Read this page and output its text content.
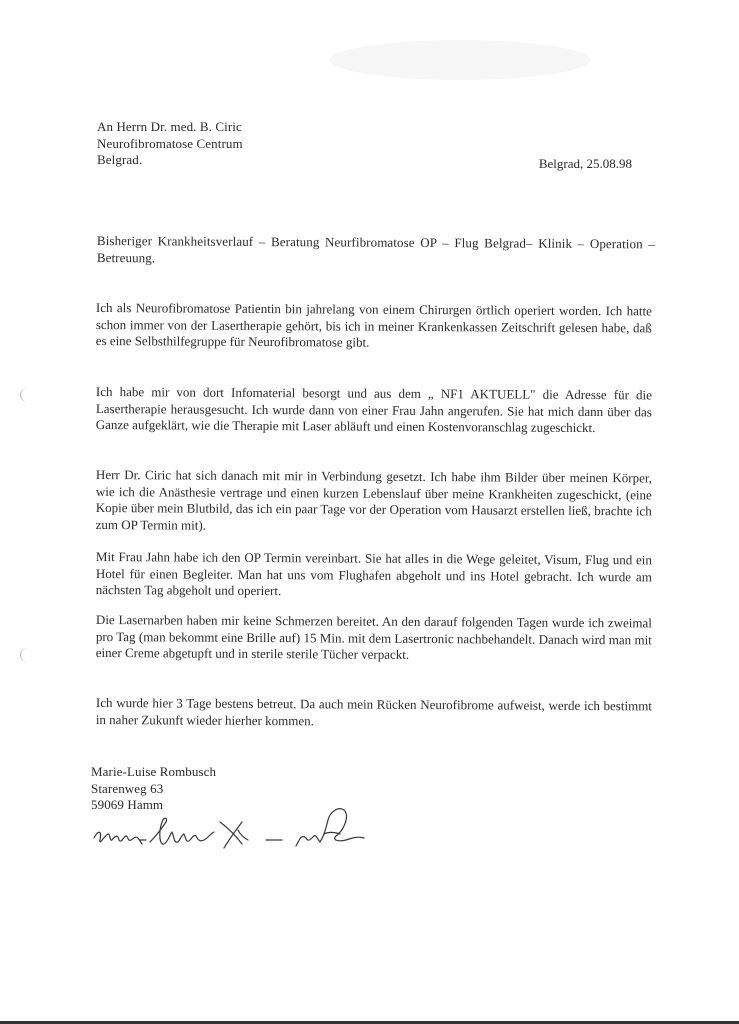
An Herrn Dr. med. B. Ciric
Neurofibromatose Centrum
Belgrad.	Belgrad, 25.08.98
Bisheriger Krankheitsverlauf – Beratung Neurfibromatose OP – Flug Belgrad– Klinik – Operation – Betreuung.
Ich als Neurofibromatose Patientin bin jahrelang von einem Chirurgen örtlich operiert worden. Ich hatte schon immer von der Lasertherapie gehört, bis ich in meiner Krankenkassen Zeitschrift gelesen habe, daß es eine Selbsthilfegruppe für Neurofibromatose gibt.
Ich habe mir von dort Infomaterial besorgt und aus dem „ NF1 AKTUELL" die Adresse für die Lasertherapie herausgesucht. Ich wurde dann von einer Frau Jahn angerufen. Sie hat mich dann über das Ganze aufgeklärt, wie die Therapie mit Laser abläuft und einen Kostenvoranschlag zugeschickt.
Herr Dr. Ciric hat sich danach mit mir in Verbindung gesetzt. Ich habe ihm Bilder über meinen Körper, wie ich die Anästhesie vertrage und einen kurzen Lebenslauf über meine Krankheiten zugeschickt, (eine Kopie über mein Blutbild, das ich ein paar Tage vor der Operation vom Hausarzt erstellen ließ, brachte ich zum OP Termin mit).
Mit Frau Jahn habe ich den OP Termin vereinbart. Sie hat alles in die Wege geleitet, Visum, Flug und ein Hotel für einen Begleiter. Man hat uns vom Flughafen abgeholt und ins Hotel gebracht. Ich wurde am nächsten Tag abgeholt und operiert.
Die Lasernarben haben mir keine Schmerzen bereitet. An den darauf folgenden Tagen wurde ich zweimal pro Tag (man bekommt eine Brille auf) 15 Min. mit dem Lasertronic nachbehandelt. Danach wird man mit einer Creme abgetupft und in sterile sterile Tücher verpackt.
Ich wurde hier 3 Tage bestens betreut. Da auch mein Rücken Neurofibrome aufweist, werde ich bestimmt in naher Zukunft wieder hierher kommen.
Marie-Luise Rombusch
Starenweg 63
59069 Hamm
